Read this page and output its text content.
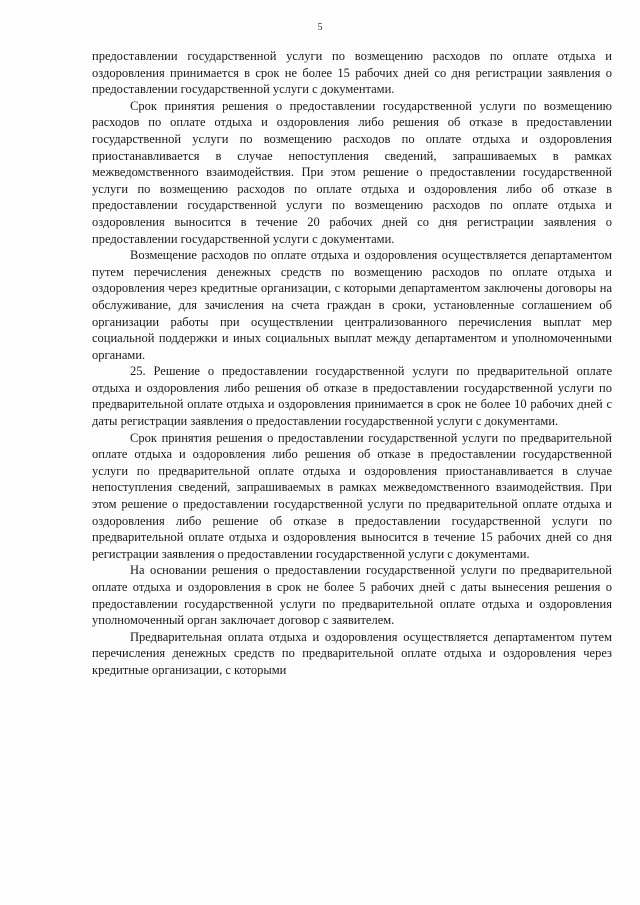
5

предоставлении государственной услуги по возмещению расходов по оплате отдыха и оздоровления принимается в срок не более 15 рабочих дней со дня регистрации заявления о предоставлении государственной услуги с документами.

Срок принятия решения о предоставлении государственной услуги по возмещению расходов по оплате отдыха и оздоровления либо решения об отказе в предоставлении государственной услуги по возмещению расходов по оплате отдыха и оздоровления приостанавливается в случае непоступления сведений, запрашиваемых в рамках межведомственного взаимодействия. При этом решение о предоставлении государственной услуги по возмещению расходов по оплате отдыха и оздоровления либо об отказе в предоставлении государственной услуги по возмещению расходов по оплате отдыха и оздоровления выносится в течение 20 рабочих дней со дня регистрации заявления о предоставлении государственной услуги с документами.

Возмещение расходов по оплате отдыха и оздоровления осуществляется департаментом путем перечисления денежных средств по возмещению расходов по оплате отдыха и оздоровления через кредитные организации, с которыми департаментом заключены договоры на обслуживание, для зачисления на счета граждан в сроки, установленные соглашением об организации работы при осуществлении централизованного перечисления выплат мер социальной поддержки и иных социальных выплат между департаментом и уполномоченными органами.

25. Решение о предоставлении государственной услуги по предварительной оплате отдыха и оздоровления либо решения об отказе в предоставлении государственной услуги по предварительной оплате отдыха и оздоровления принимается в срок не более 10 рабочих дней с даты регистрации заявления о предоставлении государственной услуги с документами.

Срок принятия решения о предоставлении государственной услуги по предварительной оплате отдыха и оздоровления либо решения об отказе в предоставлении государственной услуги по предварительной оплате отдыха и оздоровления приостанавливается в случае непоступления сведений, запрашиваемых в рамках межведомственного взаимодействия. При этом решение о предоставлении государственной услуги по предварительной оплате отдыха и оздоровления либо решение об отказе в предоставлении государственной услуги по предварительной оплате отдыха и оздоровления выносится в течение 15 рабочих дней со дня регистрации заявления о предоставлении государственной услуги с документами.

На основании решения о предоставлении государственной услуги по предварительной оплате отдыха и оздоровления в срок не более 5 рабочих дней с даты вынесения решения о предоставлении государственной услуги по предварительной оплате отдыха и оздоровления уполномоченный орган заключает договор с заявителем.

Предварительная оплата отдыха и оздоровления осуществляется департаментом путем перечисления денежных средств по предварительной оплате отдыха и оздоровления через кредитные организации, с которыми
